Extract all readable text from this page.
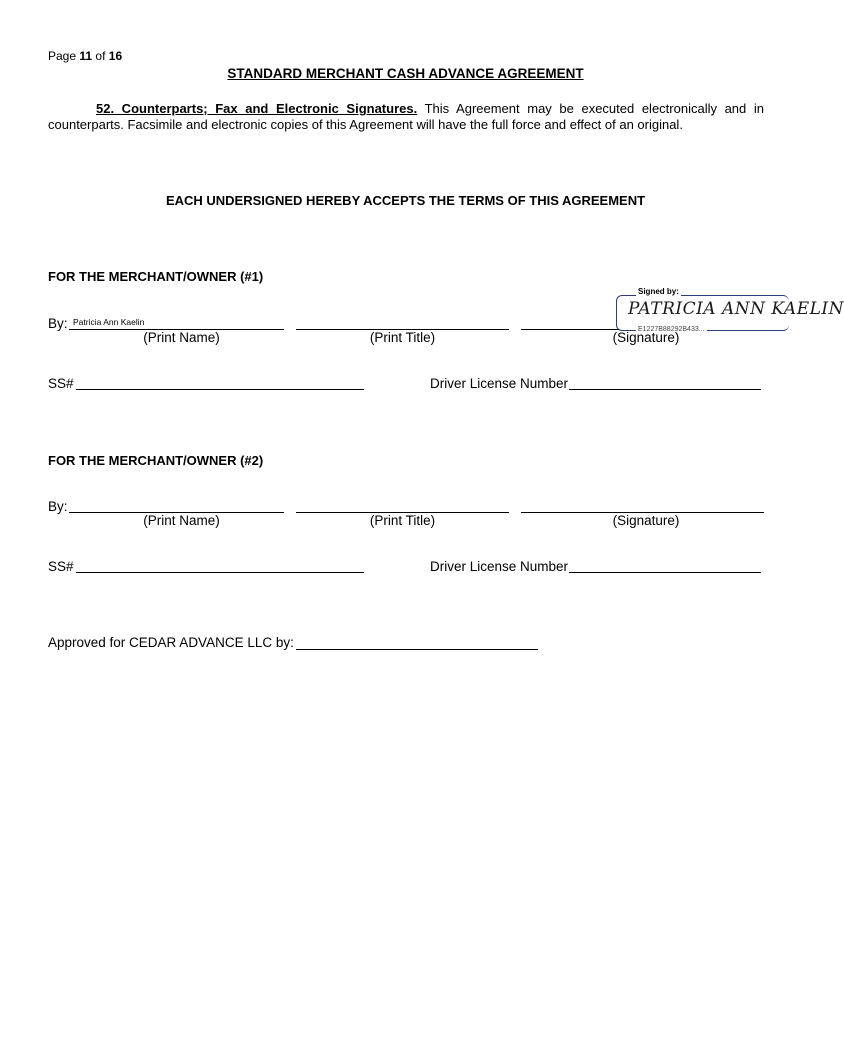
Page 11 of 16
STANDARD MERCHANT CASH ADVANCE AGREEMENT
52. Counterparts; Fax and Electronic Signatures. This Agreement may be executed electronically and in counterparts. Facsimile and electronic copies of this Agreement will have the full force and effect of an original.
EACH UNDERSIGNED HEREBY ACCEPTS THE TERMS OF THIS AGREEMENT
FOR THE MERCHANT/OWNER (#1)
By: Patricia Ann Kaelin
Signed by:
PATRICIA ANN KAELIN
E1227B88292B433...
(Print Name)	(Print Title)	(Signature)
SS#	Driver License Number
FOR THE MERCHANT/OWNER (#2)
By:
(Print Name)	(Print Title)	(Signature)
SS#	Driver License Number
Approved for CEDAR ADVANCE LLC by:
